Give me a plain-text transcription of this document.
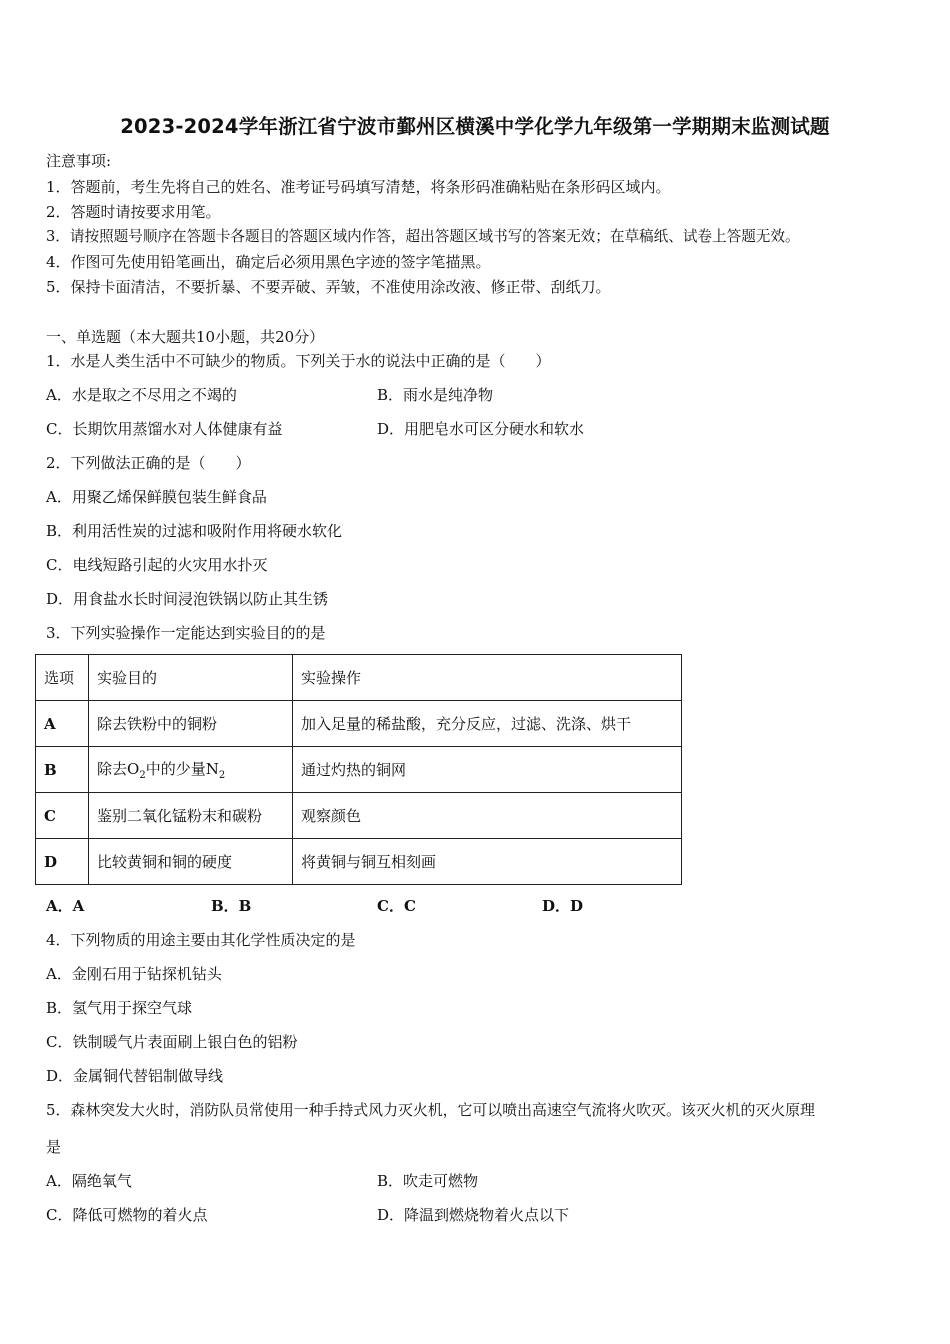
2023-2024学年浙江省宁波市鄞州区横溪中学化学九年级第一学期期末监测试题
注意事项:
1．答题前，考生先将自己的姓名、准考证号码填写清楚，将条形码准确粘贴在条形码区域内。
2．答题时请按要求用笔。
3．请按照题号顺序在答题卡各题目的答题区域内作答，超出答题区域书写的答案无效；在草稿纸、试卷上答题无效。
4．作图可先使用铅笔画出，确定后必须用黑色字迹的签字笔描黑。
5．保持卡面清洁，不要折暴、不要弄破、弄皱，不准使用涂改液、修正带、刮纸刀。
一、单选题（本大题共10小题，共20分）
1．水是人类生活中不可缺少的物质。下列关于水的说法中正确的是（　　）
A．水是取之不尽用之不竭的	B．雨水是纯净物
C．长期饮用蒸馏水对人体健康有益	D．用肥皂水可区分硬水和软水
2．下列做法正确的是（　　）
A．用聚乙烯保鲜膜包装生鲜食品
B．利用活性炭的过滤和吸附作用将硬水软化
C．电线短路引起的火灾用水扑灭
D．用食盐水长时间浸泡铁锅以防止其生锈
3．下列实验操作一定能达到实验目的的是
选项	实验目的	实验操作
A	除去铁粉中的铜粉	加入足量的稀盐酸，充分反应，过滤、洗涤、烘干
B	除去$O_2$中的少量$N_2$	通过灼热的铜网
C	鉴别二氧化锰粉末和碳粉	观察颜色
D	比较黄铜和铜的硬度	将黄铜与铜互相刻画
A．A	B．B	C．C	D．D
4．下列物质的用途主要由其化学性质决定的是
A．金刚石用于钻探机钻头
B．氢气用于探空气球
C．铁制暖气片表面刷上银白色的铝粉
D．金属铜代替铝制做导线
5．森林突发大火时，消防队员常使用一种手持式风力灭火机，它可以喷出高速空气流将火吹灭。该灭火机的灭火原理
是
A．隔绝氧气	B．吹走可燃物
C．降低可燃物的着火点	D．降温到燃烧物着火点以下
